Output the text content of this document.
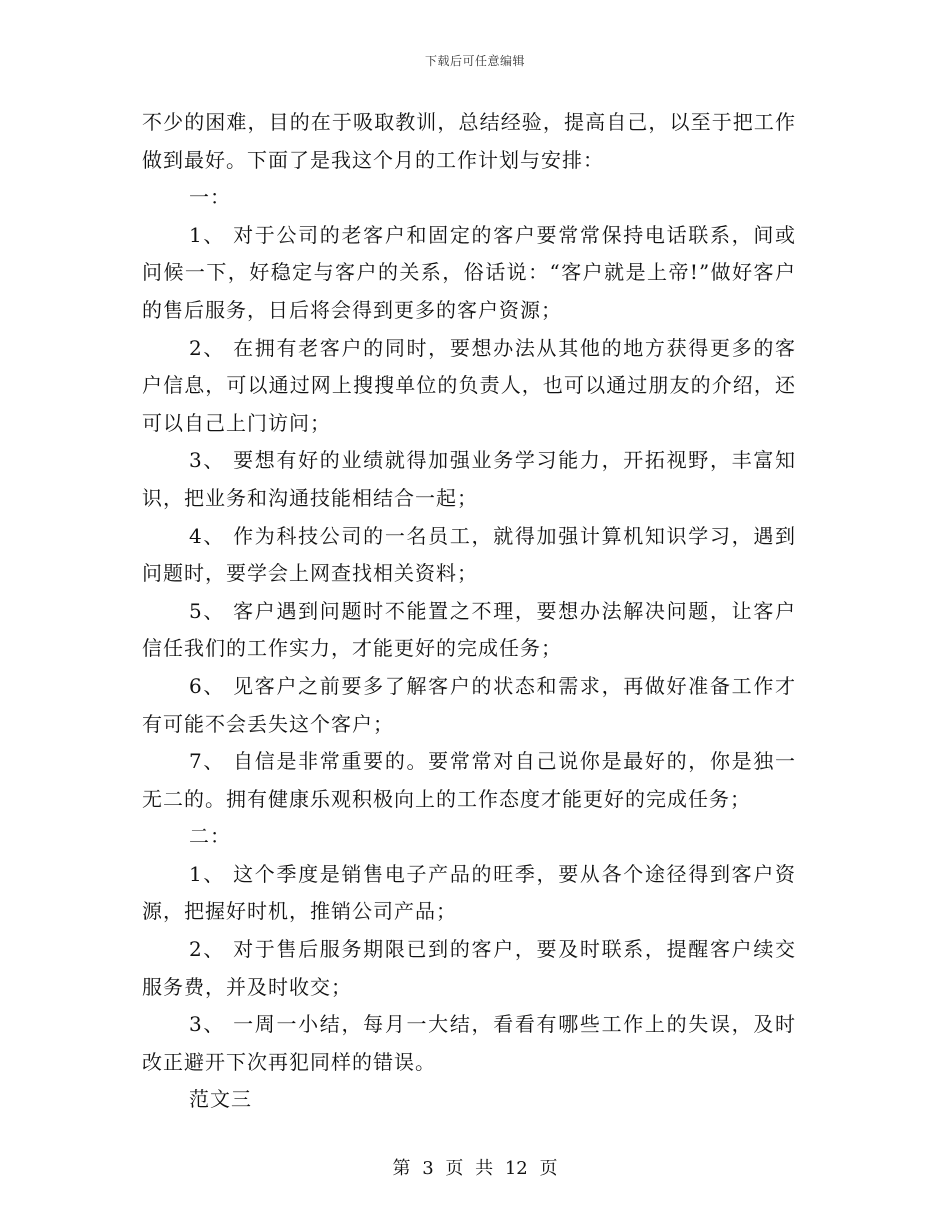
下载后可任意编辑

不少的困难，目的在于吸取教训，总结经验，提高自己，以至于把工作做到最好。下面了是我这个月的工作计划与安排：

一：

1、 对于公司的老客户和固定的客户要常常保持电话联系，间或问候一下，好稳定与客户的关系，俗话说：“客户就是上帝!”做好客户的售后服务，日后将会得到更多的客户资源；

2、 在拥有老客户的同时，要想办法从其他的地方获得更多的客户信息，可以通过网上搜搜单位的负责人，也可以通过朋友的介绍，还可以自己上门访问；

3、 要想有好的业绩就得加强业务学习能力，开拓视野，丰富知识，把业务和沟通技能相结合一起；

4、 作为科技公司的一名员工，就得加强计算机知识学习，遇到问题时，要学会上网查找相关资料；

5、 客户遇到问题时不能置之不理，要想办法解决问题，让客户信任我们的工作实力，才能更好的完成任务；

6、 见客户之前要多了解客户的状态和需求，再做好准备工作才有可能不会丢失这个客户；

7、 自信是非常重要的。要常常对自己说你是最好的，你是独一无二的。拥有健康乐观积极向上的工作态度才能更好的完成任务；

二：

1、 这个季度是销售电子产品的旺季，要从各个途径得到客户资源，把握好时机，推销公司产品；

2、 对于售后服务期限已到的客户，要及时联系，提醒客户续交服务费，并及时收交；

3、 一周一小结，每月一大结，看看有哪些工作上的失误，及时改正避开下次再犯同样的错误。

范文三

第 3 页 共 12 页
